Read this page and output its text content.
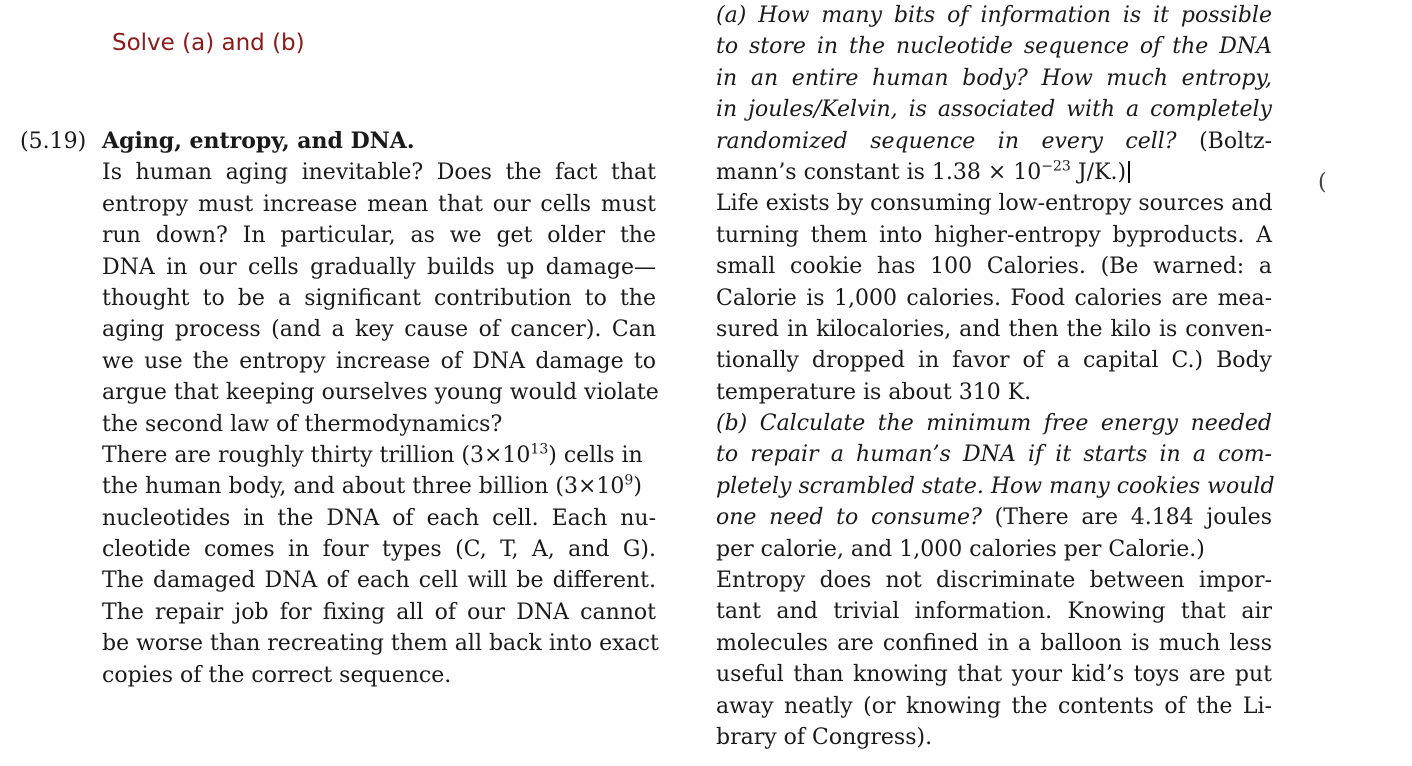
Solve (a) and (b)
(5.19) Aging, entropy, and DNA.
Is human aging inevitable? Does the fact that
entropy must increase mean that our cells must
run down? In particular, as we get older the
DNA in our cells gradually builds up damage—
thought to be a significant contribution to the
aging process (and a key cause of cancer). Can
we use the entropy increase of DNA damage to
argue that keeping ourselves young would violate
the second law of thermodynamics?
There are roughly thirty trillion $(3\times 10^{13})$ cells in
the human body, and about three billion $(3\times 10^9)$
nucleotides in the DNA of each cell. Each nu-
cleotide comes in four types (C, T, A, and G).
The damaged DNA of each cell will be different.
The repair job for fixing all of our DNA cannot
be worse than recreating them all back into exact
copies of the correct sequence.
(a) How many bits of information is it possible
to store in the nucleotide sequence of the DNA
in an entire human body? How much entropy,
in joules/Kelvin, is associated with a completely
randomized sequence in every cell? (Boltz-
mann’s constant is $1.38 \times 10^{-23}$ J/K.)
Life exists by consuming low-entropy sources and
turning them into higher-entropy byproducts. A
small cookie has 100 Calories. (Be warned: a
Calorie is 1,000 calories. Food calories are mea-
sured in kilocalories, and then the kilo is conven-
tionally dropped in favor of a capital C.) Body
temperature is about 310 K.
(b) Calculate the minimum free energy needed
to repair a human’s DNA if it starts in a com-
pletely scrambled state. How many cookies would
one need to consume? (There are 4.184 joules
per calorie, and 1,000 calories per Calorie.)
Entropy does not discriminate between impor-
tant and trivial information. Knowing that air
molecules are confined in a balloon is much less
useful than knowing that your kid’s toys are put
away neatly (or knowing the contents of the Li-
brary of Congress).
(
